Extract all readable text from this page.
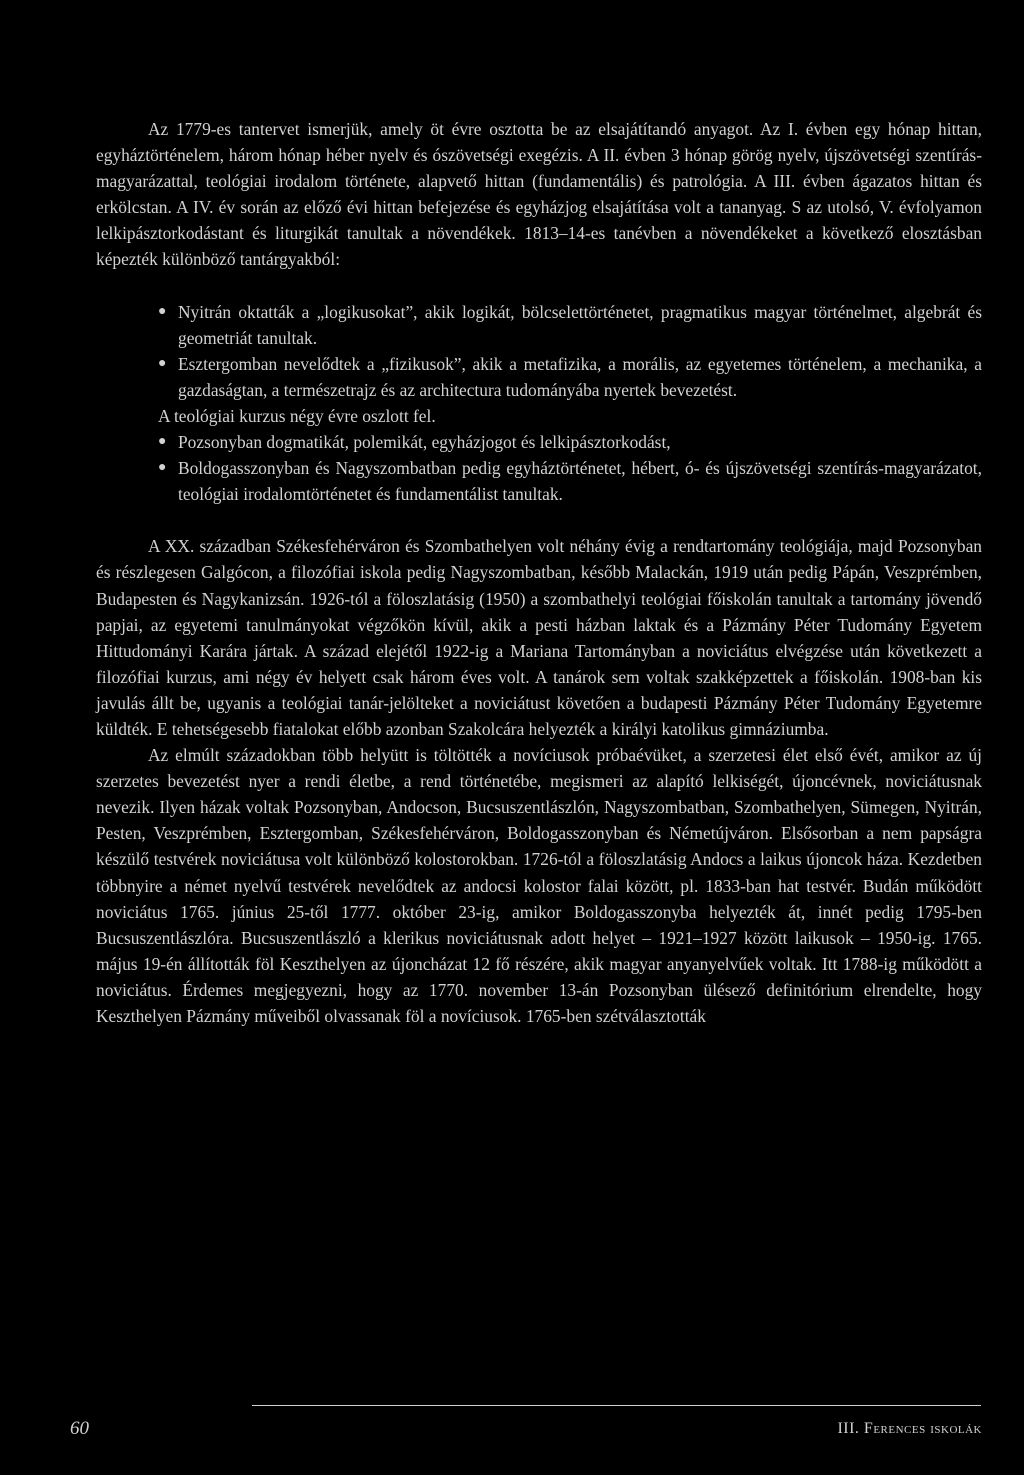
Az 1779-es tantervet ismerjük, amely öt évre osztotta be az elsajátítandó anyagot. Az I. évben egy hónap hittan, egyháztörténelem, három hónap héber nyelv és ószövetségi exegézis. A II. évben 3 hónap görög nyelv, újszövetségi szentírás-magyarázattal, teológiai irodalom története, alapvető hittan (fundamentális) és patrológia. A III. évben ágazatos hittan és erkölcstan. A IV. év során az előző évi hittan befejezése és egyházjog elsajátítása volt a tananyag. S az utolsó, V. évfolyamon lelkipásztorkodástant és liturgikát tanultak a növendékek. 1813–14-es tanévben a növendékeket a következő elosztásban képezték különböző tantárgyakból:

● Nyitrán oktatták a „logikusokat”, akik logikát, bölcselettörténetet, pragmatikus magyar történelmet, algebrát és geometriát tanultak.
● Esztergomban nevelődtek a „fizikusok”, akik a metafizika, a morális, az egyetemes történelem, a mechanika, a gazdaságtan, a természetrajz és az architectura tudományába nyertek bevezetést.

A teológiai kurzus négy évre oszlott fel.

● Pozsonyban dogmatikát, polemikát, egyházjogot és lelkipásztorkodást,
● Boldogasszonyban és Nagyszombatban pedig egyháztörténetet, hébert, ó- és újszövetségi szentírás-magyarázatot, teológiai irodalomtörténetet és fundamentálist tanultak.

A XX. században Székesfehérváron és Szombathelyen volt néhány évig a rendtartomány teológiája, majd Pozsonyban és részlegesen Galgócon, a filozófiai iskola pedig Nagyszombatban, később Malackán, 1919 után pedig Pápán, Veszprémben, Budapesten és Nagykanizsán. 1926-tól a föloszlatásig (1950) a szombathelyi teológiai főiskolán tanultak a tartomány jövendő papjai, az egyetemi tanulmányokat végzőkön kívül, akik a pesti házban laktak és a Pázmány Péter Tudomány Egyetem Hittudományi Karára jártak. A század elejétől 1922-ig a Mariana Tartományban a noviciátus elvégzése után következett a filozófiai kurzus, ami négy év helyett csak három éves volt. A tanárok sem voltak szakképzettek a főiskolán. 1908-ban kis javulás állt be, ugyanis a teológiai tanár-jelölteket a noviciátust követően a budapesti Pázmány Péter Tudomány Egyetemre küldték. E tehetségesebb fiatalokat előbb azonban Szakolcára helyezték a királyi katolikus gimnáziumba.

Az elmúlt századokban több helyütt is töltötték a novíciusok próbaévüket, a szerzetesi élet első évét, amikor az új szerzetes bevezetést nyer a rendi életbe, a rend történetébe, megismeri az alapító lelkiségét, újoncévnek, noviciátusnak nevezik. Ilyen házak voltak Pozsonyban, Andocson, Bucsuszentlászlón, Nagyszombatban, Szombathelyen, Sümegen, Nyitrán, Pesten, Veszprémben, Esztergomban, Székesfehérváron, Boldogasszonyban és Németújváron. Elsősorban a nem papságra készülő testvérek noviciátusa volt különböző kolostorokban. 1726-tól a föloszlatásig Andocs a laikus újoncok háza. Kezdetben többnyire a német nyelvű testvérek nevelődtek az andocsi kolostor falai között, pl. 1833-ban hat testvér. Budán működött noviciátus 1765. június 25-től 1777. október 23-ig, amikor Boldogasszonyba helyezték át, innét pedig 1795-ben Bucsuszentlászlóra. Bucsuszentlászló a klerikus noviciátusnak adott helyet – 1921–1927 között laikusok – 1950-ig. 1765. május 19-én állították föl Keszthelyen az újoncházat 12 fő részére, akik magyar anyanyelvűek voltak. Itt 1788-ig működött a noviciátus. Érdemes megjegyezni, hogy az 1770. november 13-án Pozsonyban ülésező definitórium elrendelte, hogy Keszthelyen Pázmány műveiből olvassanak föl a novíciusok. 1765-ben szétválasztották

60	III. Ferences iskolák
